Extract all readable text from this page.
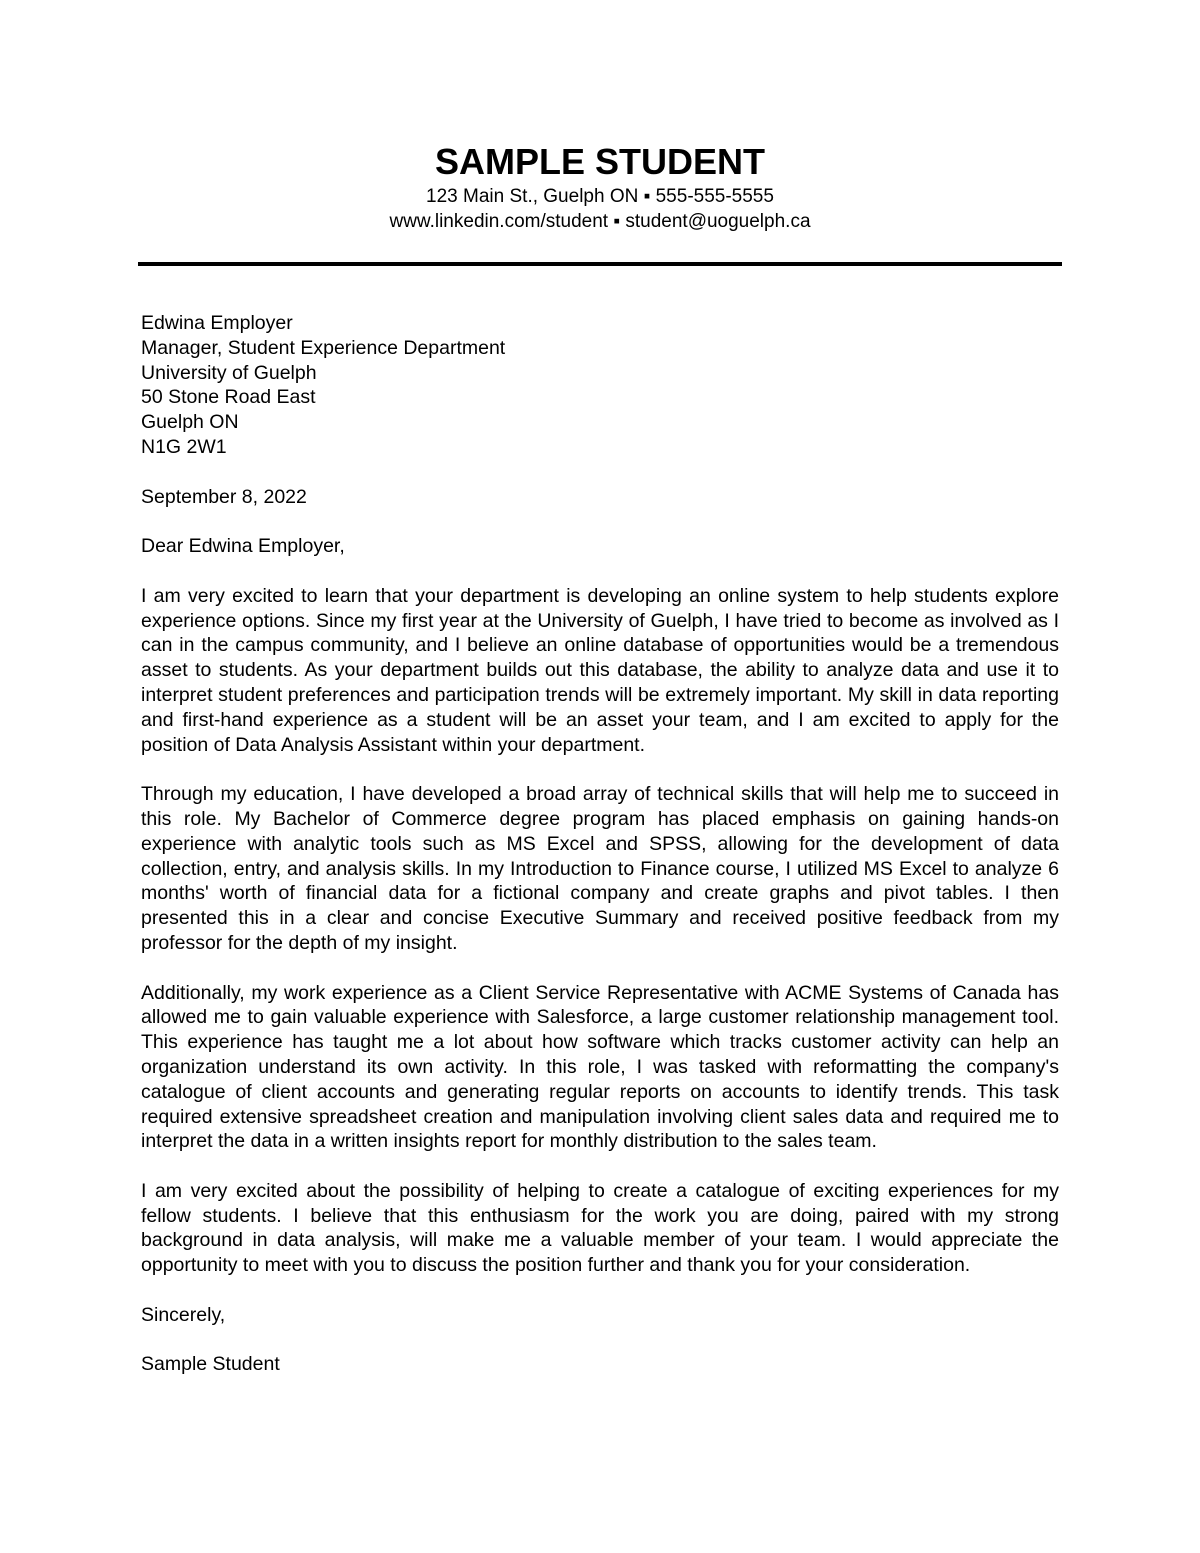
SAMPLE STUDENT
123 Main St., Guelph ON ▪ 555-555-5555
www.linkedin.com/student ▪ student@uoguelph.ca
Edwina Employer
Manager, Student Experience Department
University of Guelph
50 Stone Road East
Guelph ON
N1G 2W1
September 8, 2022
Dear Edwina Employer,

I am very excited to learn that your department is developing an online system to help students explore experience options. Since my first year at the University of Guelph, I have tried to become as involved as I can in the campus community, and I believe an online database of opportunities would be a tremendous asset to students. As your department builds out this database, the ability to analyze data and use it to interpret student preferences and participation trends will be extremely important. My skill in data reporting and first-hand experience as a student will be an asset your team, and I am excited to apply for the position of Data Analysis Assistant within your department.

Through my education, I have developed a broad array of technical skills that will help me to succeed in this role. My Bachelor of Commerce degree program has placed emphasis on gaining hands-on experience with analytic tools such as MS Excel and SPSS, allowing for the development of data collection, entry, and analysis skills. In my Introduction to Finance course, I utilized MS Excel to analyze 6 months' worth of financial data for a fictional company and create graphs and pivot tables. I then presented this in a clear and concise Executive Summary and received positive feedback from my professor for the depth of my insight.

Additionally, my work experience as a Client Service Representative with ACME Systems of Canada has allowed me to gain valuable experience with Salesforce, a large customer relationship management tool. This experience has taught me a lot about how software which tracks customer activity can help an organization understand its own activity. In this role, I was tasked with reformatting the company's catalogue of client accounts and generating regular reports on accounts to identify trends. This task required extensive spreadsheet creation and manipulation involving client sales data and required me to interpret the data in a written insights report for monthly distribution to the sales team.

I am very excited about the possibility of helping to create a catalogue of exciting experiences for my fellow students. I believe that this enthusiasm for the work you are doing, paired with my strong background in data analysis, will make me a valuable member of your team. I would appreciate the opportunity to meet with you to discuss the position further and thank you for your consideration.

Sincerely,
Sample Student
